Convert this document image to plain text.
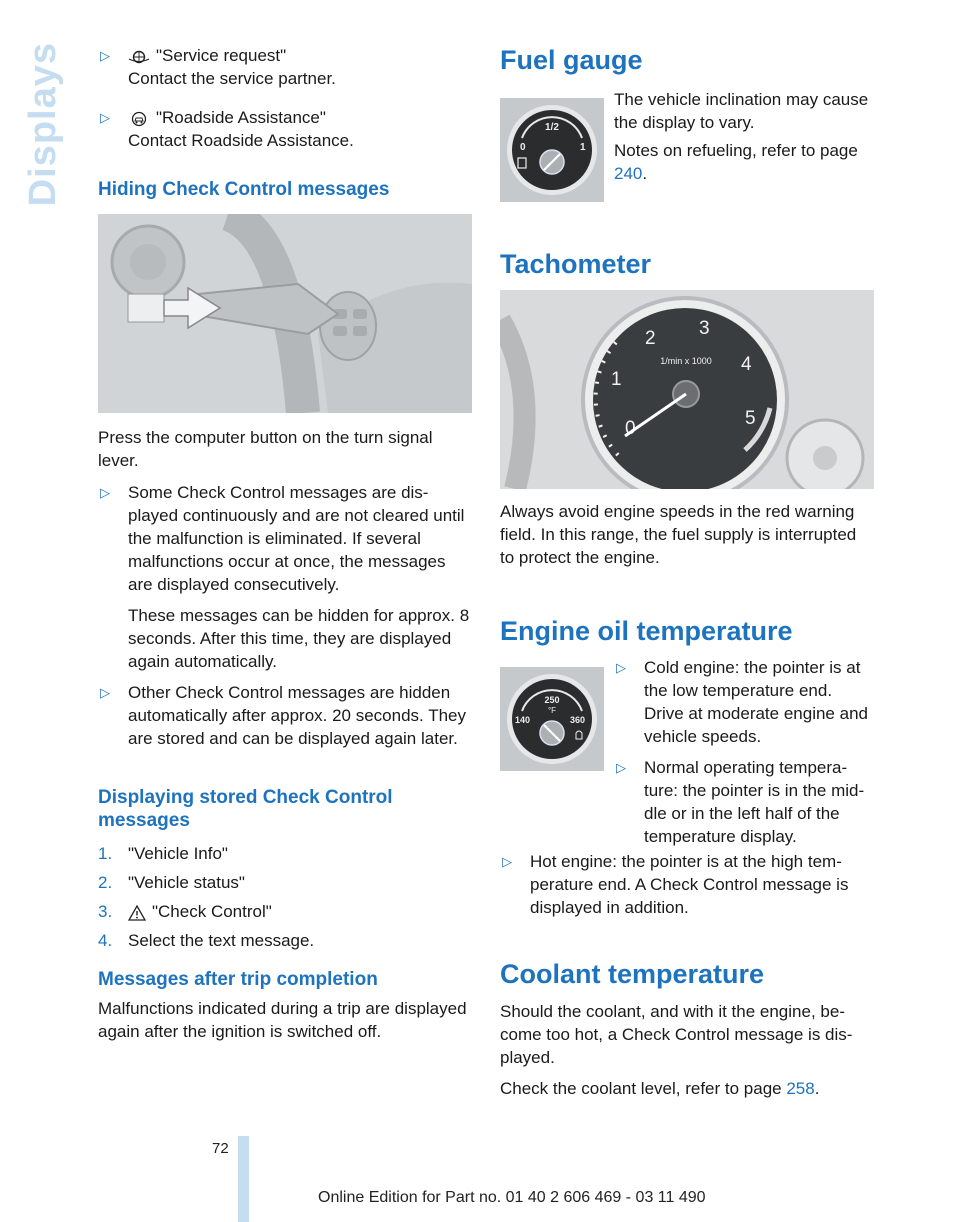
Displays	▷	"Service request"
Contact the service partner.
▷	"Roadside Assistance"
Contact Roadside Assistance.
Hiding Check Control messages

Press the computer button on the turn signal lever.

▷ Some Check Control messages are displayed continuously and are not cleared until the malfunction is eliminated. If several malfunctions occur at once, the messages are displayed consecutively.
These messages can be hidden for approx. 8 seconds. After this time, they are displayed again automatically.
▷ Other Check Control messages are hidden automatically after approx. 20 seconds. They are stored and can be displayed again later.
Displaying stored Check Control messages
1. "Vehicle Info"
2. "Vehicle status"
3. "Check Control"
4. Select the text message.
Messages after trip completion

Malfunctions indicated during a trip are displayed again after the ignition is switched off.

Fuel gauge
1/2
0	1

The vehicle inclination may cause the display to vary.

Notes on refueling, refer to page 240.

Tachometer
0
1
2 3
4
5
1/min x 1000

Always avoid engine speeds in the red warning field. In this range, the fuel supply is interrupted to protect the engine.

Engine oil temperature
250
°F
140	360
▷ Cold engine: the pointer is at the low temperature end. Drive at moderate engine and vehicle speeds.
▷ Normal operating temperature: the pointer is in the middle or in the left half of the temperature display.
▷ Hot engine: the pointer is at the high temperature end. A Check Control message is displayed in addition.
Coolant temperature

Should the coolant, and with it the engine, become too hot, a Check Control message is displayed.

Check the coolant level, refer to page 258.

72
Online Edition for Part no. 01 40 2 606 469 - 03 11 490
